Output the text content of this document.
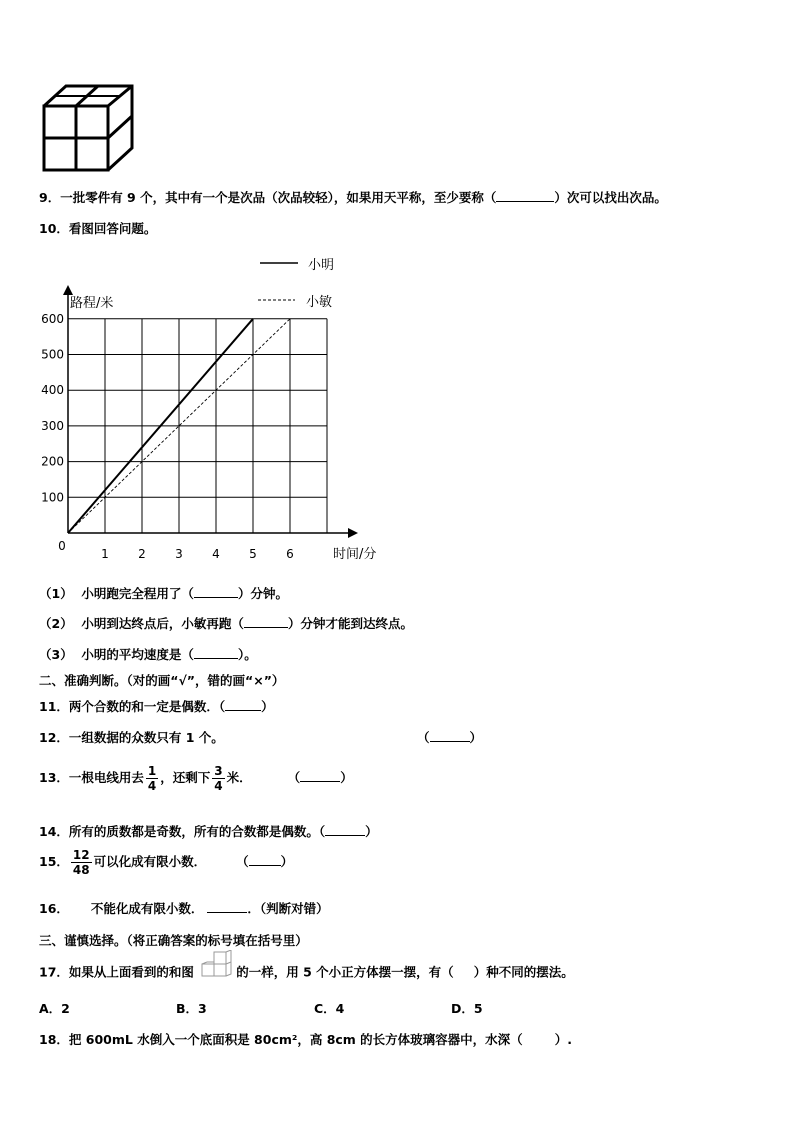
9．一批零件有 9 个，其中有一个是次品（次品较轻），如果用天平称，至少要称（	）次可以找出次品。
10．看图回答问题。
1 2 3 4 5 6
100
200
300
400
500
600
0
路程/米
时间/分
小明
小敏
（1） 小明跑完全程用了（	）分钟。
（2） 小明到达终点后，小敏再跑（	）分钟才能到达终点。
（3） 小明的平均速度是（	）。
二、准确判断。（对的画“√”，错的画“×”）
11．两个合数的和一定是偶数．（	）
12．一组数据的众数只有 1 个。	（	）
13．一根电线用去 $\frac{1}{4}$ ，还剩下 $\frac{3}{4}$ 米．	（	）
14．所有的质数都是奇数，所有的合数都是偶数。（	）
15． $\frac{12}{48}$ 可以化成有限小数． （	）
16． 不能化成有限小数．	．（判断对错）
三、谨慎选择。（将正确答案的标号填在括号里）
17．如果从上面看到的和图	的一样，用 5 个小正方体摆一摆，有（ ）种不同的摆法。
A．2	B．3	C．4	D．5
18．把 600mL 水倒入一个底面积是 80cm²，高 8cm 的长方体玻璃容器中，水深（	）.
